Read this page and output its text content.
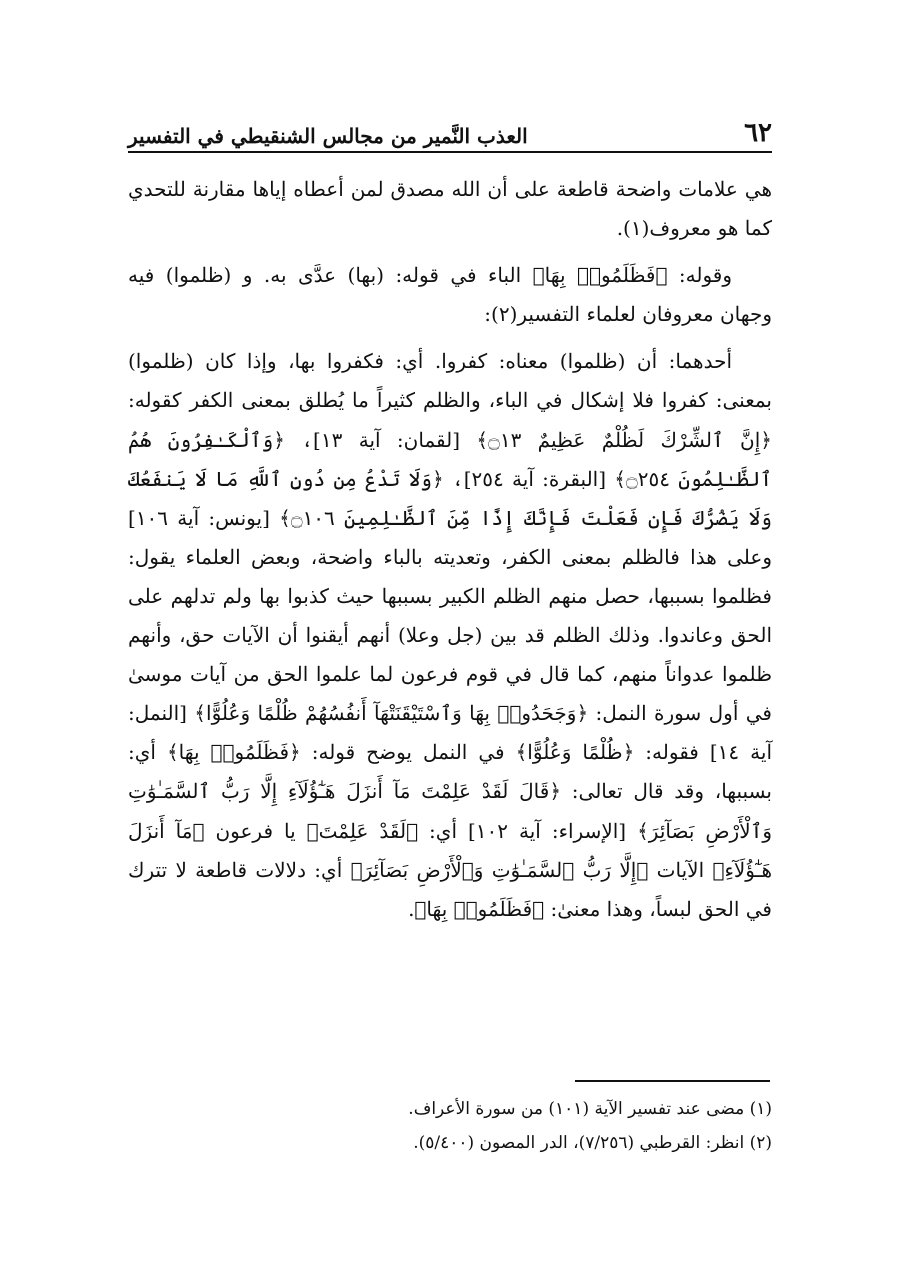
٦٢
العذب النَّمير من مجالس الشنقيطي في التفسير

هي علامات واضحة قاطعة على أن الله مصدق لمن أعطاه إياها مقارنة للتحدي كما هو معروف(١).

وقوله: ﴿فَظَلَمُوا۟ بِهَا﴾ الباء في قوله: (بها) عدَّى به. و (ظلموا) فيه وجهان معروفان لعلماء التفسير(٢):

أحدهما: أن (ظلموا) معناه: كفروا. أي: فكفروا بها، وإذا كان (ظلموا) بمعنى: كفروا فلا إشكال في الباء، والظلم كثيراً ما يُطلق بمعنى الكفر كقوله: ﴿إِنَّ ٱلشِّرْكَ لَظُلْمٌ عَظِيمٌ ۝١٣﴾ [لقمان: آية ١٣]، ﴿وَٱلْكَـٰفِرُونَ هُمُ ٱلظَّـٰلِمُونَ ۝٢٥٤﴾ [البقرة: آية ٢٥٤]، ﴿وَلَا تَدْعُ مِن دُونِ ٱللَّهِ مَا لَا يَنفَعُكَ وَلَا يَضُرُّكَ فَإِن فَعَلْتَ فَإِنَّكَ إِذًا مِّنَ ٱلظَّـٰلِمِينَ ۝١٠٦﴾ [يونس: آية ١٠٦] وعلى هذا فالظلم بمعنى الكفر، وتعديته بالباء واضحة، وبعض العلماء يقول: فظلموا بسببها، حصل منهم الظلم الكبير بسببها حيث كذبوا بها ولم تدلهم على الحق وعاندوا. وذلك الظلم قد بين (جل وعلا) أنهم أيقنوا أن الآيات حق، وأنهم ظلموا عدواناً منهم، كما قال في قوم فرعون لما علموا الحق من آيات موسىٰ في أول سورة النمل: ﴿وَجَحَدُوا۟ بِهَا وَٱسْتَيْقَنَتْهَآ أَنفُسُهُمْ ظُلْمًا وَعُلُوًّا﴾ [النمل: آية ١٤] فقوله: ﴿ظُلْمًا وَعُلُوًّا﴾ في النمل يوضح قوله: ﴿فَظَلَمُوا۟ بِهَا﴾ أي: بسببها، وقد قال تعالى: ﴿قَالَ لَقَدْ عَلِمْتَ مَآ أَنزَلَ هَـٰٓؤُلَآءِ إِلَّا رَبُّ ٱلسَّمَـٰوَٰتِ وَٱلْأَرْضِ بَصَآئِرَ﴾ [الإسراء: آية ١٠٢] أي: ﴿لَقَدْ عَلِمْتَ﴾ يا فرعون ﴿مَآ أَنزَلَ هَـٰٓؤُلَآءِ﴾ الآيات ﴿إِلَّا رَبُّ ٱلسَّمَـٰوَٰتِ وَٱلْأَرْضِ بَصَآئِرَ﴾ أي: دلالات قاطعة لا تترك في الحق لبساً، وهذا معنىٰ: ﴿فَظَلَمُوا۟ بِهَا﴾.

(١) مضى عند تفسير الآية (١٠١) من سورة الأعراف.

(٢) انظر: القرطبي (٧/٢٥٦)، الدر المصون (٥/٤٠٠).
